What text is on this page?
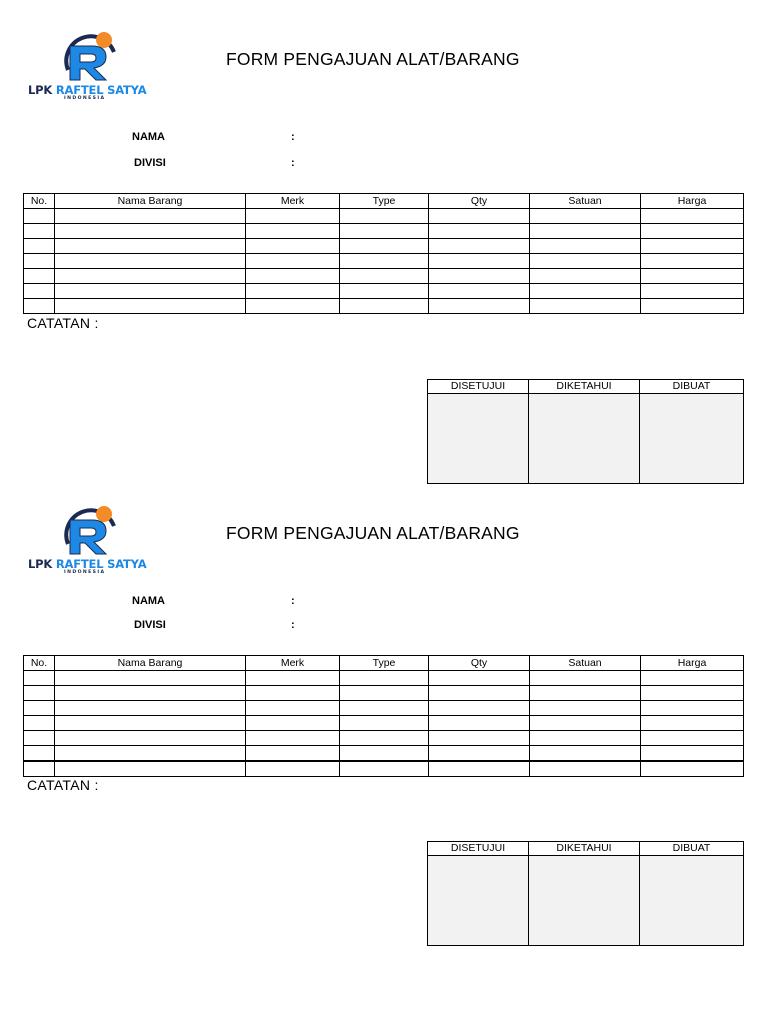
LPK RAFTEL SATYA
INDONESIA
FORM PENGAJUAN ALAT/BARANG
NAMA	:
DIVISI	:
No.	Nama Barang	Merk	Type	Qty	Satuan	Harga

CATATAN :
DISETUJUI	DIKETAHUI	DIBUAT

LPK RAFTEL SATYA
INDONESIA
FORM PENGAJUAN ALAT/BARANG
NAMA	:
DIVISI	:
No.	Nama Barang	Merk	Type	Qty	Satuan	Harga

CATATAN :
DISETUJUI	DIKETAHUI	DIBUAT
